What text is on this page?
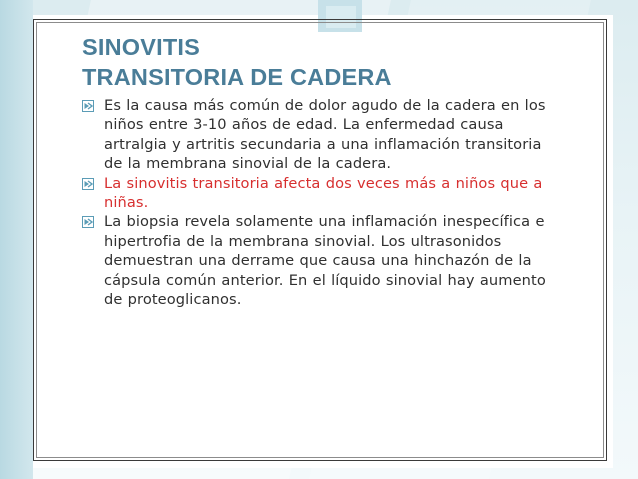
SINOVITIS
TRANSITORIA DE CADERA
Es la causa más común de dolor agudo de la cadera en los niños entre 3-10 años de edad. La enfermedad causa artralgia y artritis secundaria a una inflamación transitoria de la membrana sinovial de la cadera.
La sinovitis transitoria afecta dos veces más a niños que a niñas.
La biopsia revela solamente una inflamación inespecífica e hipertrofia de la membrana sinovial. Los ultrasonidos demuestran una derrame que causa una hinchazón de la cápsula común anterior. En el líquido sinovial hay aumento de proteoglicanos.
